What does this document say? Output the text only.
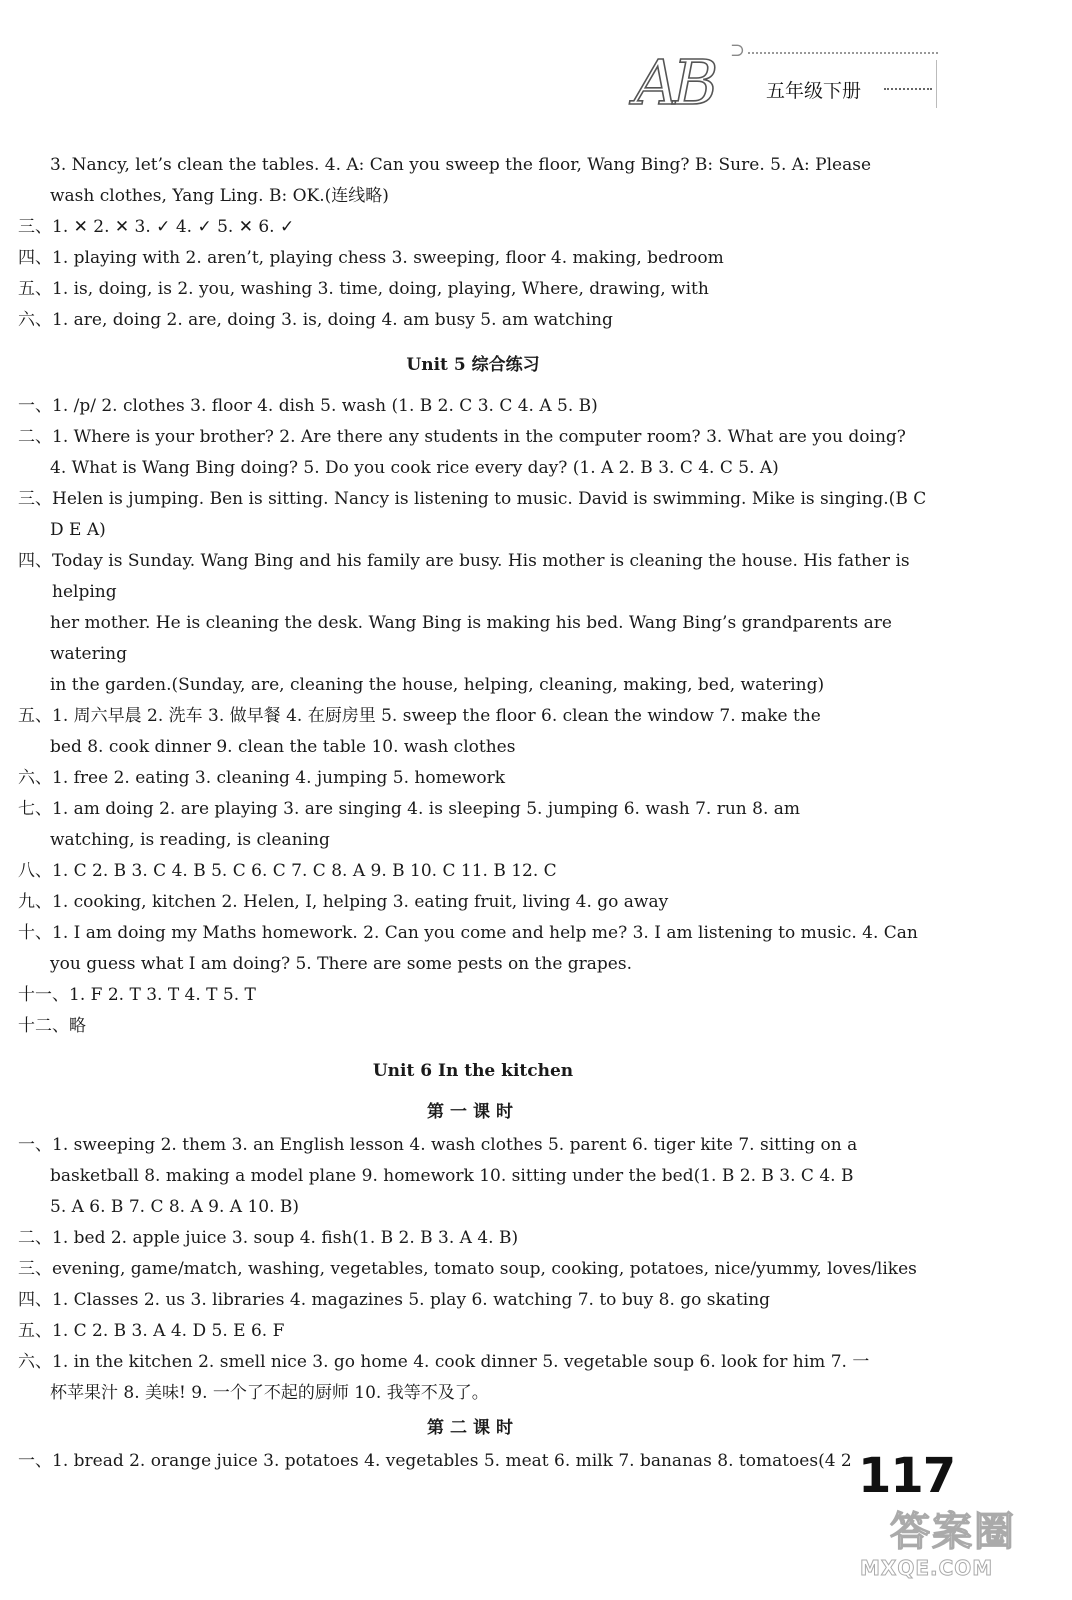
AB ⊃
五年级下册
3. Nancy, let’s clean the tables. 4. A: Can you sweep the floor, Wang Bing? B: Sure. 5. A: Please
wash clothes, Yang Ling. B: OK.(连线略)
三、 1. ✕ 2. ✕ 3. ✓ 4. ✓ 5. ✕ 6. ✓
四、 1. playing with 2. aren’t, playing chess 3. sweeping, floor 4. making, bedroom
五、 1. is, doing, is 2. you, washing 3. time, doing, playing, Where, drawing, with
六、 1. are, doing 2. are, doing 3. is, doing 4. am busy 5. am watching
Unit 5 综合练习
一、 1. /p/ 2. clothes 3. floor 4. dish 5. wash (1. B 2. C 3. C 4. A 5. B)
二、 1. Where is your brother? 2. Are there any students in the computer room? 3. What are you doing?
4. What is Wang Bing doing? 5. Do you cook rice every day? (1. A 2. B 3. C 4. C 5. A)
三、 Helen is jumping. Ben is sitting. Nancy is listening to music. David is swimming. Mike is singing.(B C
D E A)
四、 Today is Sunday. Wang Bing and his family are busy. His mother is cleaning the house. His father is helping
her mother. He is cleaning the desk. Wang Bing is making his bed. Wang Bing’s grandparents are watering
in the garden.(Sunday, are, cleaning the house, helping, cleaning, making, bed, watering)
五、 1. 周六早晨 2. 洗车 3. 做早餐 4. 在厨房里 5. sweep the floor 6. clean the window 7. make the
bed 8. cook dinner 9. clean the table 10. wash clothes
六、 1. free 2. eating 3. cleaning 4. jumping 5. homework
七、 1. am doing 2. are playing 3. are singing 4. is sleeping 5. jumping 6. wash 7. run 8. am
watching, is reading, is cleaning
八、 1. C 2. B 3. C 4. B 5. C 6. C 7. C 8. A 9. B 10. C 11. B 12. C
九、 1. cooking, kitchen 2. Helen, I, helping 3. eating fruit, living 4. go away
十、 1. I am doing my Maths homework. 2. Can you come and help me? 3. I am listening to music. 4. Can
you guess what I am doing? 5. There are some pests on the grapes.
十一、 1. F 2. T 3. T 4. T 5. T
十二、 略
Unit 6 In the kitchen
第一课时
一、 1. sweeping 2. them 3. an English lesson 4. wash clothes 5. parent 6. tiger kite 7. sitting on a
basketball 8. making a model plane 9. homework 10. sitting under the bed(1. B 2. B 3. C 4. B
5. A 6. B 7. C 8. A 9. A 10. B)
二、 1. bed 2. apple juice 3. soup 4. fish(1. B 2. B 3. A 4. B)
三、 evening, game/match, washing, vegetables, tomato soup, cooking, potatoes, nice/yummy, loves/likes
四、 1. Classes 2. us 3. libraries 4. magazines 5. play 6. watching 7. to buy 8. go skating
五、 1. C 2. B 3. A 4. D 5. E 6. F
六、 1. in the kitchen 2. smell nice 3. go home 4. cook dinner 5. vegetable soup 6. look for him 7. 一
杯苹果汁 8. 美味! 9. 一个了不起的厨师 10. 我等不及了。
第二课时
一、 1. bread 2. orange juice 3. potatoes 4. vegetables 5. meat 6. milk 7. bananas 8. tomatoes(4 2 117
答案圈
MXQE.COM
